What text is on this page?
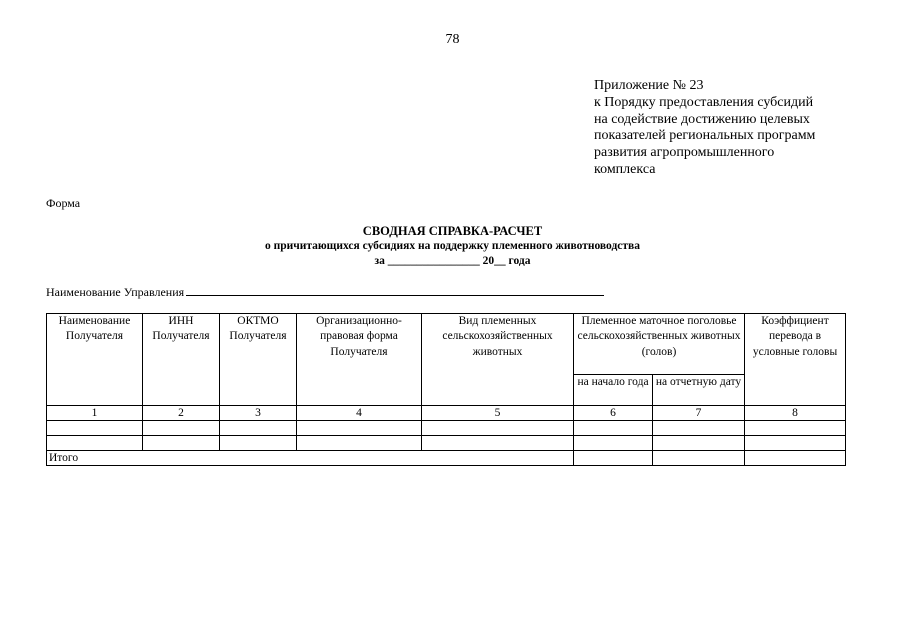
78
Приложение № 23
к Порядку предоставления субсидий
на содействие достижению целевых
показателей региональных программ
развития агропромышленного
комплекса
Форма
СВОДНАЯ СПРАВКА-РАСЧЕТ
о причитающихся субсидиях на поддержку племенного животноводства
за ________________ 20__ года
Наименование Управления
Наименование Получателя	ИНН Получателя	ОКТМО Получателя	Организационно-правовая форма Получателя	Вид племенных сельскохозяйственных животных	Племенное маточное поголовье сельскохозяйственных животных (голов)		Коэффициент перевода в условные головы
					на начало года	на отчетную дату	
1	2	3	4	5	6	7	8

Итого							
